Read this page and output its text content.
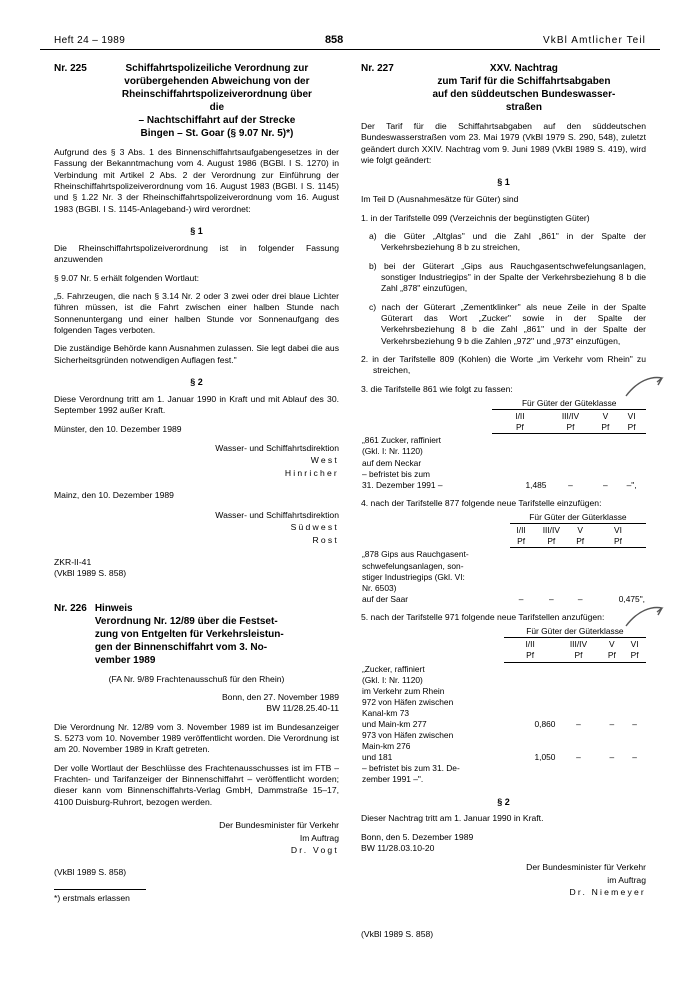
Heft 24 – 1989	858	VkBl Amtlicher Teil
Nr. 225	Schiffahrtspolizeiliche Verordnung zur
vorübergehenden Abweichung von der
Rheinschiffahrtspolizeiverordnung über
die
– Nachtschiffahrt auf der Strecke
Bingen – St. Goar (§ 9.07 Nr. 5)*)

Aufgrund des § 3 Abs. 1 des Binnenschiffahrtsaufgabengesetzes in der Fassung der Bekanntmachung vom 4. August 1986 (BGBl. I S. 1270) in Verbindung mit Artikel 2 Abs. 2 der Verordnung zur Einführung der Rheinschiffahrtspolizeiverordnung vom 16. August 1983 (BGBl. I S. 1145) und § 1.22 Nr. 3 der Rheinschiffahrtspolizeiverordnung vom 16. August 1983 (BGBl. I S. 1145-Anlageband-) wird verordnet:

§ 1

Die Rheinschiffahrtspolizeiverordnung ist in folgender Fassung anzuwenden

§ 9.07 Nr. 5 erhält folgenden Wortlaut:

„5. Fahrzeugen, die nach § 3.14 Nr. 2 oder 3 zwei oder drei blaue Lichter führen müssen, ist die Fahrt zwischen einer halben Stunde nach Sonnenuntergang und einer halben Stunde vor Sonnenaufgang des folgenden Tages verboten.

Die zuständige Behörde kann Ausnahmen zulassen. Sie legt dabei die aus Sicherheitsgründen notwendigen Auflagen fest."

§ 2

Diese Verordnung tritt am 1. Januar 1990 in Kraft und mit Ablauf des 30. September 1992 außer Kraft.

Münster, den 10. Dezember 1989

Wasser- und Schiffahrtsdirektion
West
Hinricher

Mainz, den 10. Dezember 1989

Wasser- und Schiffahrtsdirektion
Südwest
Rost

ZKR-II-41

(VkBl 1989 S. 858)

Nr. 226 Hinweis
Verordnung Nr. 12/89 über die Festset-
zung von Entgelten für Verkehrsleistun-
gen der Binnenschiffahrt vom 3. No-
vember 1989

(FA Nr. 9/89 Frachtenausschuß für den Rhein)

Bonn, den 27. November 1989

BW 11/28.25.40-11

Die Verordnung Nr. 12/89 vom 3. November 1989 ist im Bundesanzeiger S. 5273 vom 10. November 1989 veröffentlicht worden. Die Verordnung ist am 20. November 1989 in Kraft getreten.

Der volle Wortlaut der Beschlüsse des Frachtenausschusses ist im FTB – Frachten- und Tarifanzeiger der Binnenschiffahrt – veröffentlicht worden; dieser kann vom Binnenschiffahrts-Verlag GmbH, Dammstraße 15–17, 4100 Duisburg-Ruhrort, bezogen werden.

Der Bundesminister für Verkehr
Im Auftrag
Dr. Vogt

(VkBl 1989 S. 858)

*) erstmals erlassen

Nr. 227	XXV. Nachtrag
zum Tarif für die Schiffahrtsabgaben
auf den süddeutschen Bundeswasser-
straßen

Der Tarif für die Schiffahrtsabgaben auf den süddeutschen Bundeswasserstraßen vom 23. Mai 1979 (VkBl 1979 S. 290, 548), zuletzt geändert durch XXIV. Nachtrag vom 9. Juni 1989 (VkBl 1989 S. 419), wird wie folgt geändert:

§ 1

Im Teil D (Ausnahmesätze für Güter) sind

1. in der Tarifstelle 099 (Verzeichnis der begünstigten Güter)

a) die Güter „Altglas" und die Zahl „861" in der Spalte der Verkehrsbeziehung 8 b zu streichen,

b) bei der Güterart „Gips aus Rauchgasentschwefelungsanlagen, sonstiger Industriegips" in der Spalte der Verkehrsbeziehung 8 b die Zahl „878" einzufügen,

c) nach der Güterart „Zementklinker" als neue Zeile in der Spalte Güterart das Wort „Zucker" sowie in der Spalte der Verkehrsbeziehung 8 b die Zahl „861" und in der Spalte der Verkehrsbeziehung 9 b die Zahlen „972" und „973" einzufügen,

2. in der Tarifstelle 809 (Kohlen) die Worte „im Verkehr vom Rhein" zu streichen,

3. die Tarifstelle 861 wie folgt zu fassen:

	Für Güter der Güteklasse			

	I/II	III/IV	V	VI
	Pf	Pf	Pf	Pf

„861 Zucker, raffiniert				
(Gkl. I: Nr. 1120)				
auf dem Neckar				
– befristet bis zum				
31. Dezember 1991 –	1,485	–	–	–",

4. nach der Tarifstelle 877 folgende neue Tarifstelle einzufügen:

	Für Güter der Güterklasse			

	I/II	III/IV	V	VI
	Pf	Pf	Pf	Pf

„878 Gips aus Rauchgasent-				
schwefelungsanlagen, son-				
stiger Industriegips (Gkl. VI:				
Nr. 6503)				
auf der Saar	–	–	–	0,475",

5. nach der Tarifstelle 971 folgende neue Tarifstellen anzufügen:

	Für Güter der Güterklasse			

	I/II	III/IV	V	VI
	Pf	Pf	Pf	Pf

„Zucker, raffiniert				
(Gkl. I: Nr. 1120)				
im Verkehr zum Rhein				
972 von Häfen zwischen				
Kanal-km 73				
und Main-km 277	0,860	–	–	–
973 von Häfen zwischen				
Main-km 276				
und 181	1,050	–	–	–
– befristet bis zum 31. De-				
zember 1991 –".				
§ 2

Dieser Nachtrag tritt am 1. Januar 1990 in Kraft.

Bonn, den 5. Dezember 1989

BW 11/28.03.10-20

Der Bundesminister für Verkehr
im Auftrag
Dr. Niemeyer

(VkBl 1989 S. 858)
